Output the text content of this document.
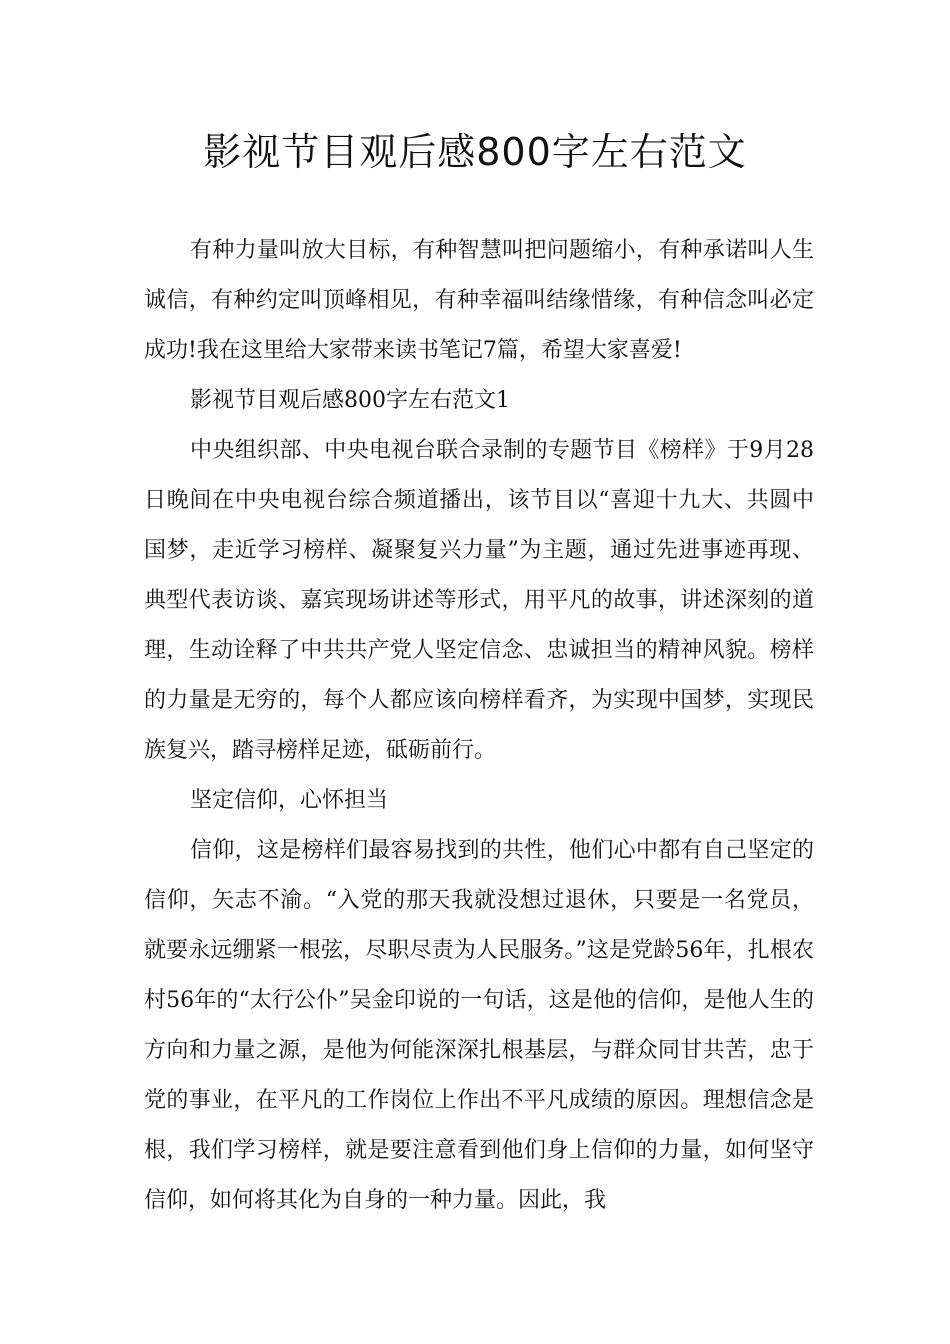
影视节目观后感800字左右范文

有种力量叫放大目标，有种智慧叫把问题缩小，有种承诺叫人生诚信，有种约定叫顶峰相见，有种幸福叫结缘惜缘，有种信念叫必定成功!我在这里给大家带来读书笔记7篇，希望大家喜爱!

影视节目观后感800字左右范文1

中央组织部、中央电视台联合录制的专题节目《榜样》于9月28日晚间在中央电视台综合频道播出，该节目以“喜迎十九大、共圆中国梦，走近学习榜样、凝聚复兴力量”为主题，通过先进事迹再现、典型代表访谈、嘉宾现场讲述等形式，用平凡的故事，讲述深刻的道理，生动诠释了中共共产党人坚定信念、忠诚担当的精神风貌。榜样的力量是无穷的，每个人都应该向榜样看齐，为实现中国梦，实现民族复兴，踏寻榜样足迹，砥砺前行。

坚定信仰，心怀担当

信仰，这是榜样们最容易找到的共性，他们心中都有自己坚定的信仰，矢志不渝。“入党的那天我就没想过退休，只要是一名党员，就要永远绷紧一根弦，尽职尽责为人民服务。”这是党龄56年，扎根农村56年的“太行公仆”吴金印说的一句话，这是他的信仰，是他人生的方向和力量之源，是他为何能深深扎根基层，与群众同甘共苦，忠于党的事业，在平凡的工作岗位上作出不平凡成绩的原因。理想信念是根，我们学习榜样，就是要注意看到他们身上信仰的力量，如何坚守信仰，如何将其化为自身的一种力量。因此，我
